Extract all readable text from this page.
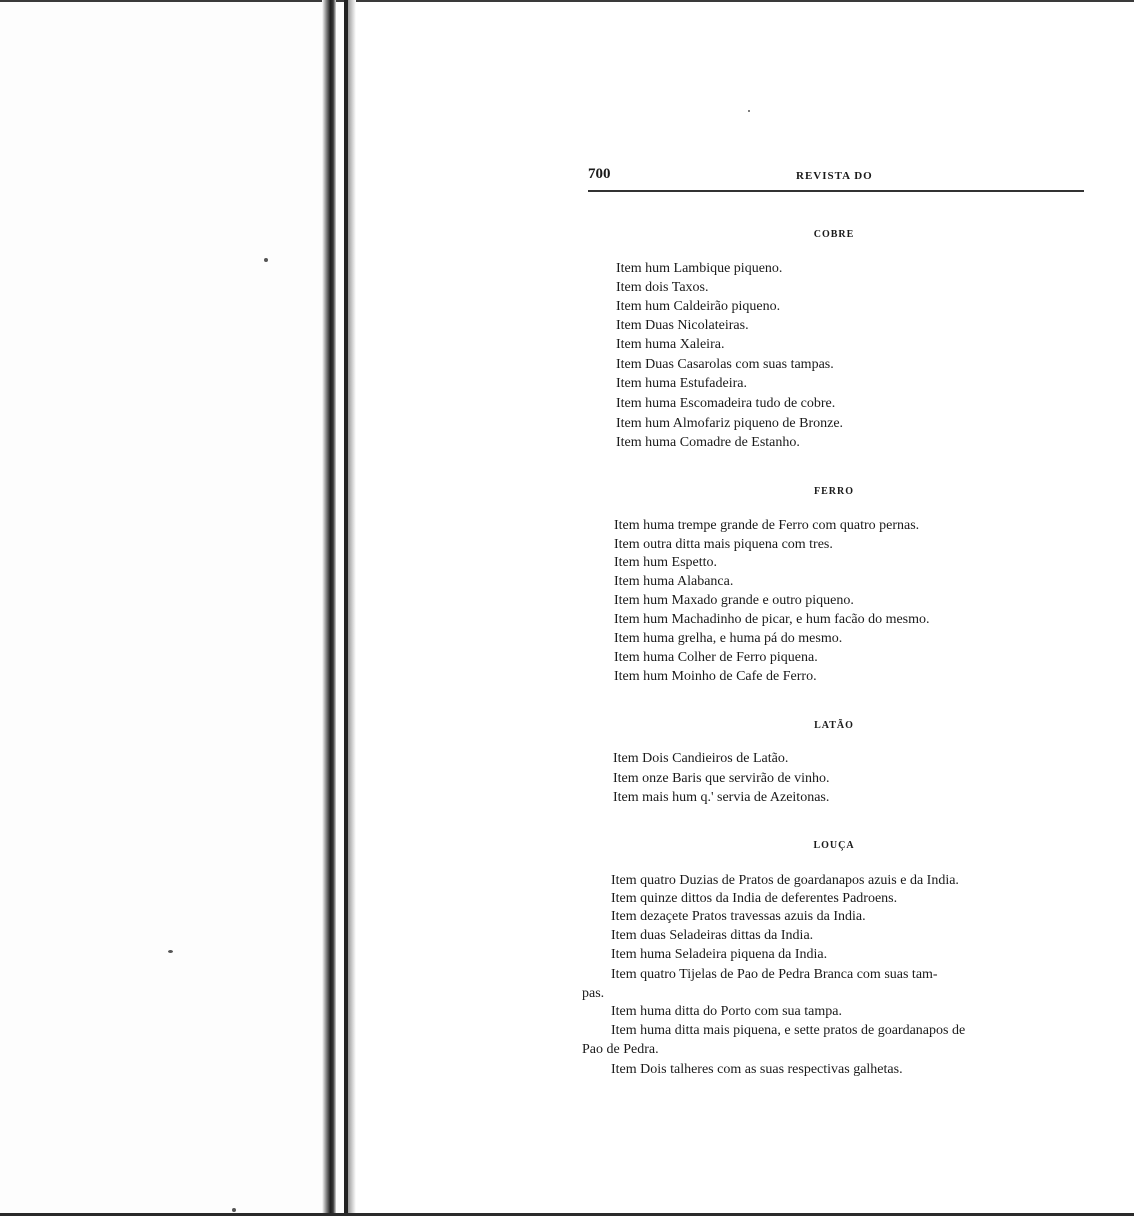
700	REVISTA DO
COBRE
Item hum Lambique piqueno.
Item dois Taxos.
Item hum Caldeirão piqueno.
Item Duas Nicolateiras.
Item huma Xaleira.
Item Duas Casarolas com suas tampas.
Item huma Estufadeira.
Item huma Escomadeira tudo de cobre.
Item hum Almofariz piqueno de Bronze.
Item huma Comadre de Estanho.
FERRO
Item huma trempe grande de Ferro com quatro pernas.
Item outra ditta mais piquena com tres.
Item hum Espetto.
Item huma Alabanca.
Item hum Maxado grande e outro piqueno.
Item hum Machadinho de picar, e hum facão do mesmo.
Item huma grelha, e huma pá do mesmo.
Item huma Colher de Ferro piquena.
Item hum Moinho de Cafe de Ferro.
LATÃO
Item Dois Candieiros de Latão.
Item onze Baris que servirão de vinho.
Item mais hum q.' servia de Azeitonas.
LOUÇA
Item quatro Duzias de Pratos de goardanapos azuis e da India.
Item quinze dittos da India de deferentes Padroens.
Item dezaçete Pratos travessas azuis da India.
Item duas Seladeiras dittas da India.
Item huma Seladeira piquena da India.
Item quatro Tijelas de Pao de Pedra Branca com suas tam-
pas.
Item huma ditta do Porto com sua tampa.
Item huma ditta mais piquena, e sette pratos de goardanapos de
Pao de Pedra.
Item Dois talheres com as suas respectivas galhetas.
